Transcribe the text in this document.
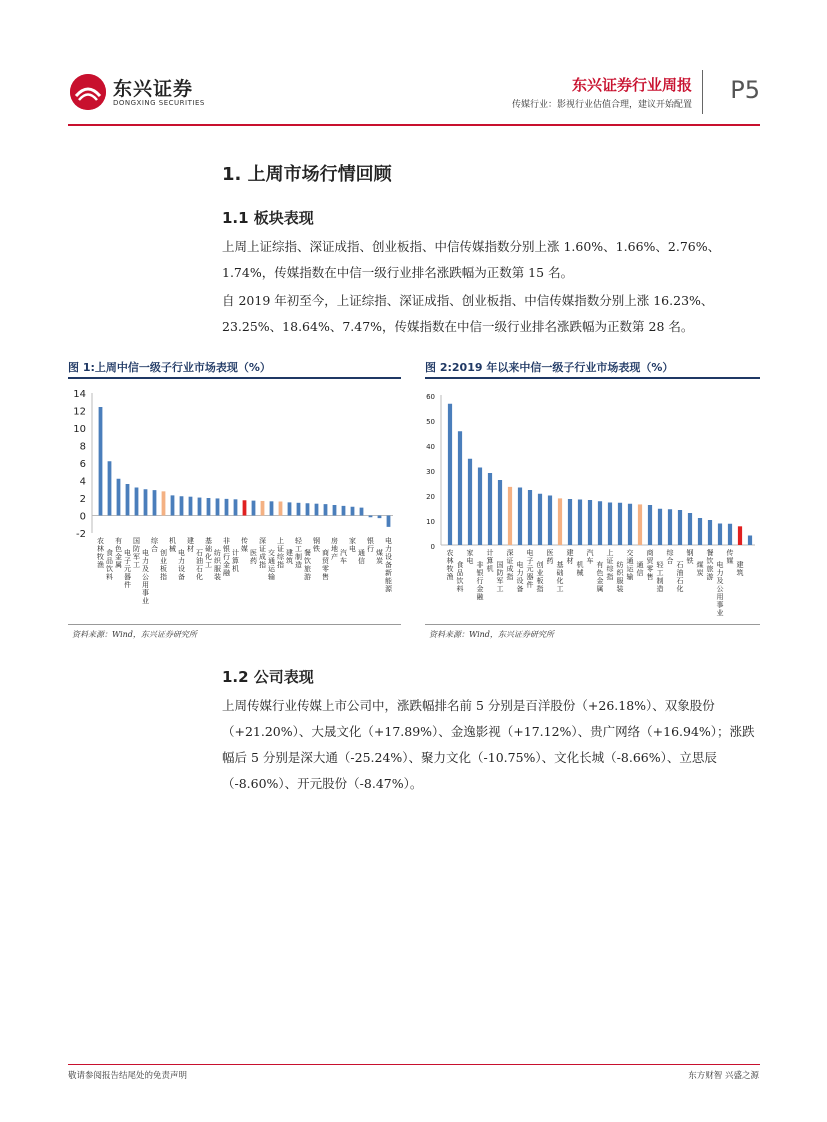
东兴证券
DONGXING SECURITIES
东兴证券行业周报
传媒行业：影视行业估值合理，建议开始配置
P5
1. 上周市场行情回顾
1.1 板块表现
上周上证综指、深证成指、创业板指、中信传媒指数分别上涨 1.60%、1.66%、2.76%、1.74%，传媒指数在中信一级行业排名涨跌幅为正数第 15 名。
自 2019 年初至今，上证综指、深证成指、创业板指、中信传媒指数分别上涨 16.23%、23.25%、18.64%、7.47%，传媒指数在中信一级行业排名涨跌幅为正数第 28 名。
图 1:上周中信一级子行业市场表现（%）
14
12
10
8
6
4
2
0
-2
农林牧渔
食品饮料
有色金属
电子元器件
国防军工
电力及公用事业
综合 创业板指
机械 电力设备
建材 石油石化
基础化工
纺织服装
非银行金融
计算机
传媒 医药
深证成指
交通运输
上证综指
建筑
轻工制造
餐饮旅游
钢铁 商贸零售
房地产 汽车
家电 通信
银行 煤炭
电力设备新能源
资料来源：Wind，东兴证券研究所
图 2:2019 年以来中信一级子行业市场表现（%）
60
50
40
30
20
10
0
农林牧渔
食品饮料
家电 非银行金融
计算机 国防军工
深证成指
电力设备
电子元器件
创业板指
医药 基础化工
建材 机械
汽车 有色金属
上证综指
纺织服装
交通运输
通信
商贸零售
轻工制造
综合 石油石化
钢铁 煤炭
餐饮旅游
电力及公用事业
传媒 建筑
资料来源：Wind，东兴证券研究所
1.2 公司表现
上周传媒行业传媒上市公司中，涨跌幅排名前 5 分别是百洋股份（+26.18%）、双象股份（+21.20%）、大晟文化（+17.89%）、金逸影视（+17.12%）、贵广网络（+16.94%）；涨跌幅后 5 分别是深大通（-25.24%）、聚力文化（-10.75%）、文化长城（-8.66%）、立思辰（-8.60%）、开元股份（-8.47%）。
敬请参阅报告结尾处的免责声明	东方财智 兴盛之源
